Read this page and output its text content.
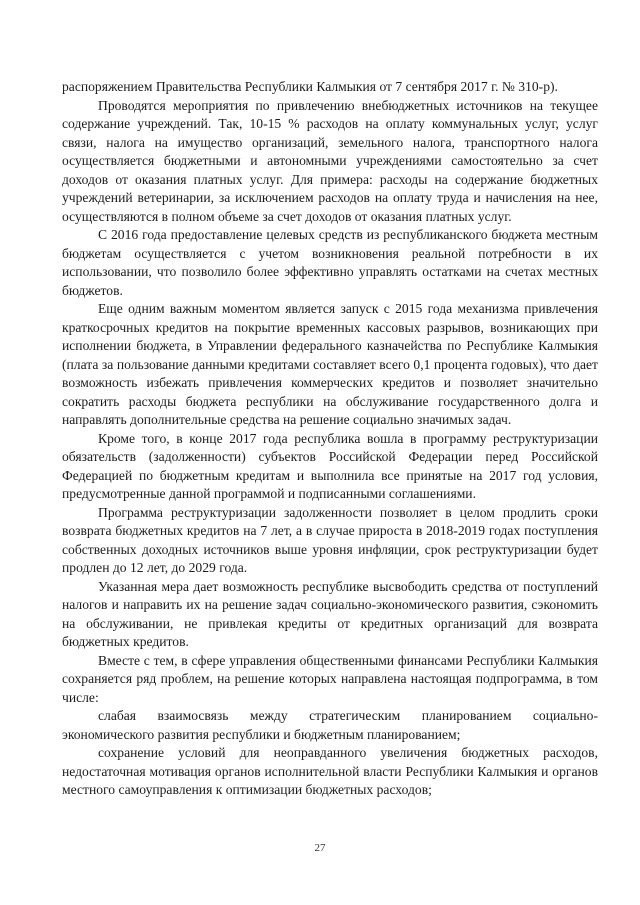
распоряжением Правительства Республики Калмыкия от 7 сентября 2017 г. № 310-р).

Проводятся мероприятия по привлечению внебюджетных источников на текущее содержание учреждений. Так, 10-15 % расходов на оплату коммунальных услуг, услуг связи, налога на имущество организаций, земельного налога, транспортного налога осуществляется бюджетными и автономными учреждениями самостоятельно за счет доходов от оказания платных услуг. Для примера: расходы на содержание бюджетных учреждений ветеринарии, за исключением расходов на оплату труда и начисления на нее, осуществляются в полном объеме за счет доходов от оказания платных услуг.

С 2016 года предоставление целевых средств из республиканского бюджета местным бюджетам осуществляется с учетом возникновения реальной потребности в их использовании, что позволило более эффективно управлять остатками на счетах местных бюджетов.

Еще одним важным моментом является запуск с 2015 года механизма привлечения краткосрочных кредитов на покрытие временных кассовых разрывов, возникающих при исполнении бюджета, в Управлении федерального казначейства по Республике Калмыкия (плата за пользование данными кредитами составляет всего 0,1 процента годовых), что дает возможность избежать привлечения коммерческих кредитов и позволяет значительно сократить расходы бюджета республики на обслуживание государственного долга и направлять дополнительные средства на решение социально значимых задач.

Кроме того, в конце 2017 года республика вошла в программу реструктуризации обязательств (задолженности) субъектов Российской Федерации перед Российской Федерацией по бюджетным кредитам и выполнила все принятые на 2017 год условия, предусмотренные данной программой и подписанными соглашениями.

Программа реструктуризации задолженности позволяет в целом продлить сроки возврата бюджетных кредитов на 7 лет, а в случае прироста в 2018-2019 годах поступления собственных доходных источников выше уровня инфляции, срок реструктуризации будет продлен до 12 лет, до 2029 года.

Указанная мера дает возможность республике высвободить средства от поступлений налогов и направить их на решение задач социально-экономического развития, сэкономить на обслуживании, не привлекая кредиты от кредитных организаций для возврата бюджетных кредитов.

Вместе с тем, в сфере управления общественными финансами Республики Калмыкия сохраняется ряд проблем, на решение которых направлена настоящая подпрограмма, в том числе:

слабая взаимосвязь между стратегическим планированием социально-экономического развития республики и бюджетным планированием;

сохранение условий для неоправданного увеличения бюджетных расходов, недостаточная мотивация органов исполнительной власти Республики Калмыкия и органов местного самоуправления к оптимизации бюджетных расходов;

27
